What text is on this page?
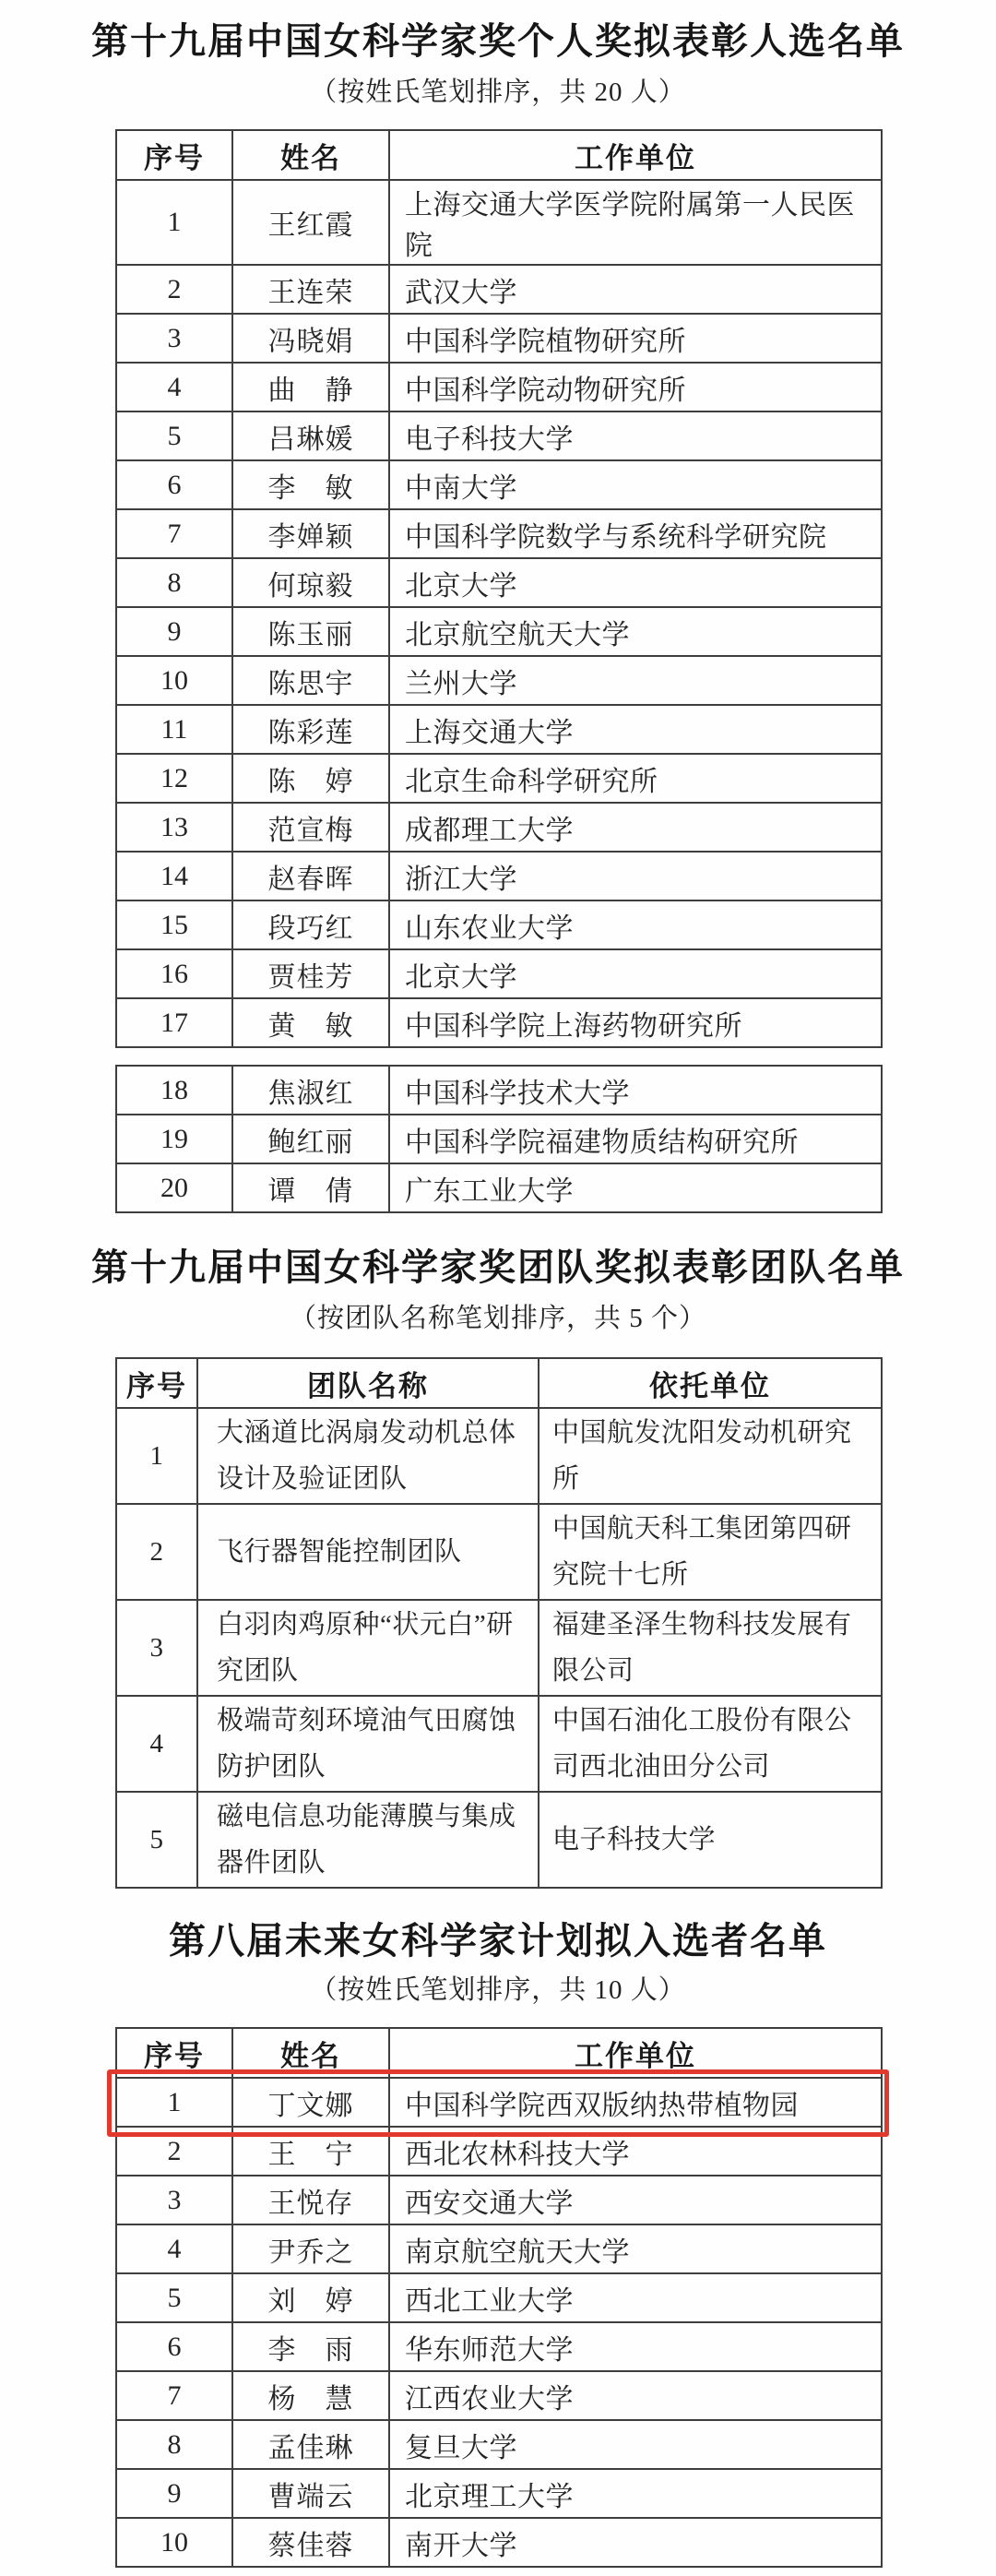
第十九届中国女科学家奖个人奖拟表彰人选名单

（按姓氏笔划排序，共 20 人）

序号	姓名	工作单位
1	王红霞	上海交通大学医学院附属第一人民医院
2	王连荣	武汉大学
3	冯晓娟	中国科学院植物研究所
4	曲　静	中国科学院动物研究所
5	吕琳媛	电子科技大学
6	李　敏	中南大学
7	李婵颖	中国科学院数学与系统科学研究院
8	何琼毅	北京大学
9	陈玉丽	北京航空航天大学
10	陈思宇	兰州大学
11	陈彩莲	上海交通大学
12	陈　婷	北京生命科学研究所
13	范宣梅	成都理工大学
14	赵春晖	浙江大学
15	段巧红	山东农业大学
16	贾桂芳	北京大学
17	黄　敏	中国科学院上海药物研究所
18	焦淑红	中国科学技术大学
19	鲍红丽	中国科学院福建物质结构研究所
20	谭　倩	广东工业大学
第十九届中国女科学家奖团队奖拟表彰团队名单

（按团队名称笔划排序，共 5 个）

序号	团队名称	依托单位
1	大涵道比涡扇发动机总体设计及验证团队	中国航发沈阳发动机研究所
2	飞行器智能控制团队	中国航天科工集团第四研究院十七所
3	白羽肉鸡原种“状元白”研究团队	福建圣泽生物科技发展有限公司
4	极端苛刻环境油气田腐蚀防护团队	中国石油化工股份有限公司西北油田分公司
5	磁电信息功能薄膜与集成器件团队	电子科技大学
第八届未来女科学家计划拟入选者名单

（按姓氏笔划排序，共 10 人）

序号	姓名	工作单位
1	丁文娜	中国科学院西双版纳热带植物园
2	王　宁	西北农林科技大学
3	王悦存	西安交通大学
4	尹乔之	南京航空航天大学
5	刘　婷	西北工业大学
6	李　雨	华东师范大学
7	杨　慧	江西农业大学
8	孟佳琳	复旦大学
9	曹端云	北京理工大学
10	蔡佳蓉	南开大学
